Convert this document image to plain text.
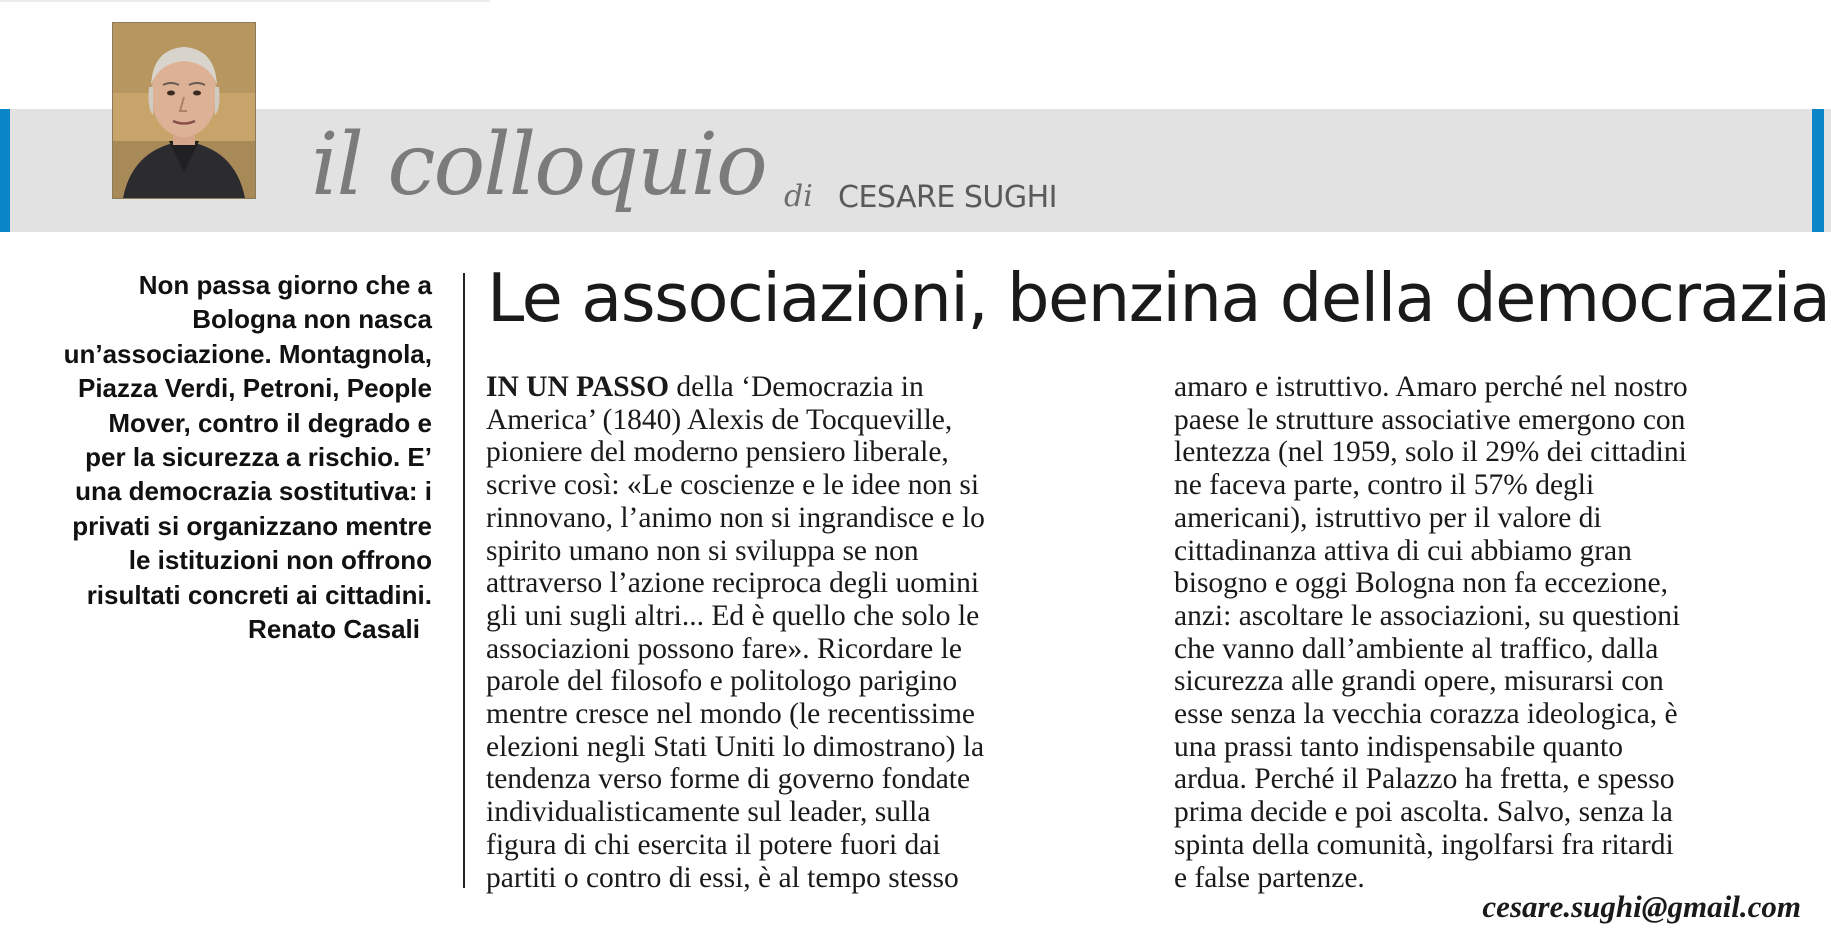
il colloquio di CESARE SUGHI
Non passa giorno che a
Bologna non nasca
un’associazione. Montagnola,
Piazza Verdi, Petroni, People
Mover, contro il degrado e
per la sicurezza a rischio. E’
una democrazia sostitutiva: i
privati si organizzano mentre
le istituzioni non offrono
risultati concreti ai cittadini.
Renato Casali
Le associazioni, benzina della democrazia
IN UN PASSO della ‘Democrazia in
America’ (1840) Alexis de Tocqueville,
pioniere del moderno pensiero liberale,
scrive così: «Le coscienze e le idee non si
rinnovano, l’animo non si ingrandisce e lo
spirito umano non si sviluppa se non
attraverso l’azione reciproca degli uomini
gli uni sugli altri... Ed è quello che solo le
associazioni possono fare». Ricordare le
parole del filosofo e politologo parigino
mentre cresce nel mondo (le recentissime
elezioni negli Stati Uniti lo dimostrano) la
tendenza verso forme di governo fondate
individualisticamente sul leader, sulla
figura di chi esercita il potere fuori dai
partiti o contro di essi, è al tempo stesso
amaro e istruttivo. Amaro perché nel nostro
paese le strutture associative emergono con
lentezza (nel 1959, solo il 29% dei cittadini
ne faceva parte, contro il 57% degli
americani), istruttivo per il valore di
cittadinanza attiva di cui abbiamo gran
bisogno e oggi Bologna non fa eccezione,
anzi: ascoltare le associazioni, su questioni
che vanno dall’ambiente al traffico, dalla
sicurezza alle grandi opere, misurarsi con
esse senza la vecchia corazza ideologica, è
una prassi tanto indispensabile quanto
ardua. Perché il Palazzo ha fretta, e spesso
prima decide e poi ascolta. Salvo, senza la
spinta della comunità, ingolfarsi fra ritardi
e false partenze.
cesare.sughi@gmail.com
